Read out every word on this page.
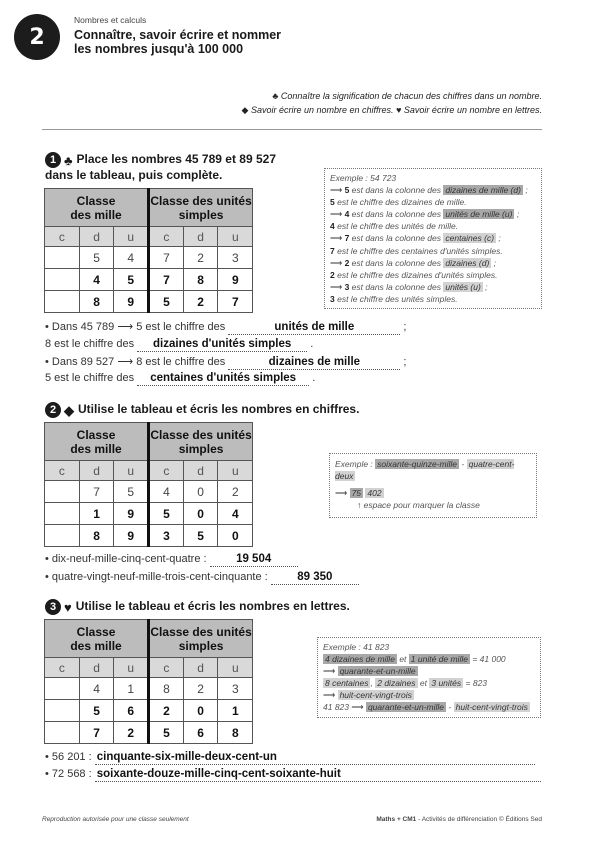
2
Nombres et calculs
Connaître, savoir écrire et nommer
les nombres jusqu'à 100 000
♣ Connaître la signification de chacun des chiffres dans un nombre.
◆ Savoir écrire un nombre en chiffres. ♥ Savoir écrire un nombre en lettres.
1 ♣ Place les nombres 45 789 et 89 527
dans le tableau, puis complète.
Classe
des mille			Classe des unités
simples		
c	d	u	c	d	u
	5	4	7	2	3
	4	5	7	8	9
	8	9	5	2	7
Exemple : 54 723
⟶ 5 est dans la colonne des dizaines de mille (d) ;
5 est le chiffre des dizaines de mille.
⟶ 4 est dans la colonne des unités de mille (u) ;
4 est le chiffre des unités de mille.
⟶ 7 est dans la colonne des centaines (c) ;
7 est le chiffre des centaines d'unités simples.
⟶ 2 est dans la colonne des dizaines (d) ;
2 est le chiffre des dizaines d'unités simples.
⟶ 3 est dans la colonne des unités (u) ;
3 est le chiffre des unités simples.
• Dans 45 789 ⟶ 5 est le chiffre des	unités de mille	;
8 est le chiffre des dizaines d'unités simples .
• Dans 89 527 ⟶ 8 est le chiffre des	dizaines de mille	;
5 est le chiffre des centaines d'unités simples .
2 ◆ Utilise le tableau et écris les nombres en chiffres.
Classe
des mille			Classe des unités
simples		
c	d	u	c	d	u
	7	5	4	0	2
	1	9	5	0	4
	8	9	3	5	0
Exemple : soixante-quinze-mille - quatre-cent-deux
⟶ 75 402
↑ espace pour marquer la classe
• dix-neuf-mille-cinq-cent-quatre :	19 504
• quatre-vingt-neuf-mille-trois-cent-cinquante :	89 350
3 ♥ Utilise le tableau et écris les nombres en lettres.
Classe
des mille			Classe des unités
simples		
c	d	u	c	d	u
	4	1	8	2	3
	5	6	2	0	1
	7	2	5	6	8
Exemple : 41 823
4 dizaines de mille et 1 unité de mille = 41 000
⟶ quarante-et-un-mille
8 centaines , 2 dizaines et 3 unités = 823
⟶ huit-cent-vingt-trois
41 823 ⟶ quarante-et-un-mille - huit-cent-vingt-trois
• 56 201 : cinquante-six-mille-deux-cent-un
• 72 568 : soixante-douze-mille-cinq-cent-soixante-huit
Reproduction autorisée pour une classe seulement	Maths + CM1 - Activités de différenciation © Éditions Sed
